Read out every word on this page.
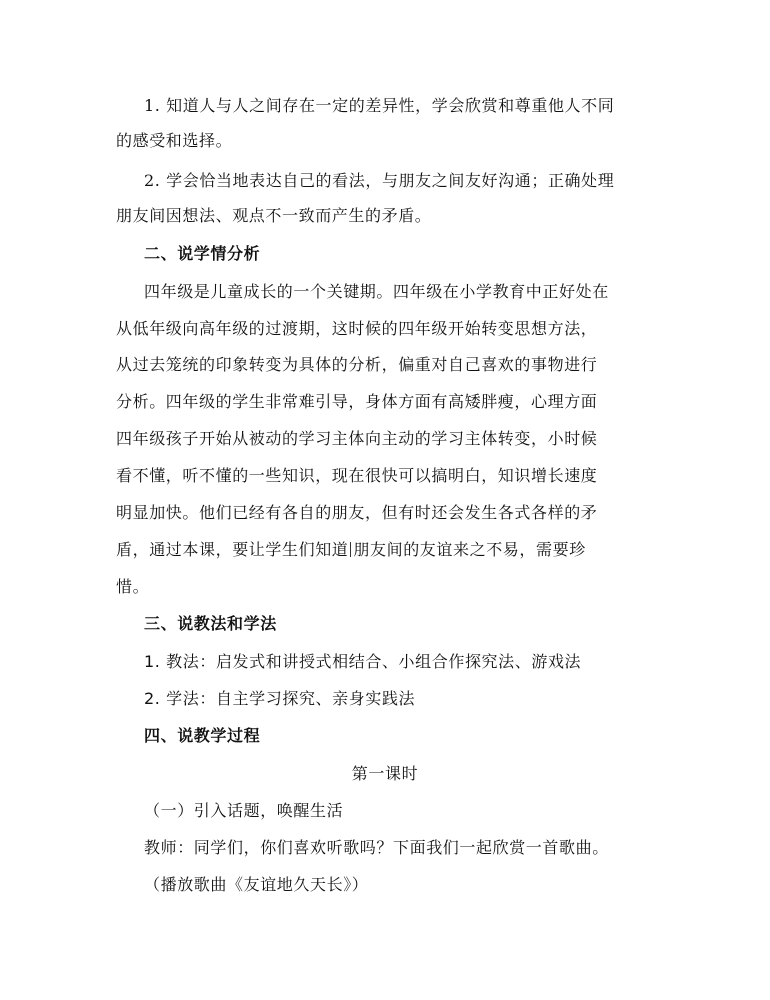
1. 知道人与人之间存在一定的差异性，学会欣赏和尊重他人不同
的感受和选择。
2. 学会恰当地表达自己的看法，与朋友之间友好沟通；正确处理
朋友间因想法、观点不一致而产生的矛盾。
二、说学情分析
四年级是儿童成长的一个关键期。四年级在小学教育中正好处在
从低年级向高年级的过渡期，这时候的四年级开始转变思想方法，
从过去笼统的印象转变为具体的分析，偏重对自己喜欢的事物进行
分析。四年级的学生非常难引导，身体方面有高矮胖瘦，心理方面
四年级孩子开始从被动的学习主体向主动的学习主体转变，小时候
看不懂，听不懂的一些知识，现在很快可以搞明白，知识增长速度
明显加快。他们已经有各自的朋友，但有时还会发生各式各样的矛
盾，通过本课，要让学生们知道 朋友间的友谊来之不易，需要珍
惜。
三、说教法和学法
1. 教法：启发式和讲授式相结合、小组合作探究法、游戏法
2. 学法：自主学习探究、亲身实践法
四、说教学过程
第一课时
（一）引入话题，唤醒生活
教师：同学们，你们喜欢听歌吗？下面我们一起欣赏一首歌曲。
（播放歌曲《友谊地久天长》）
